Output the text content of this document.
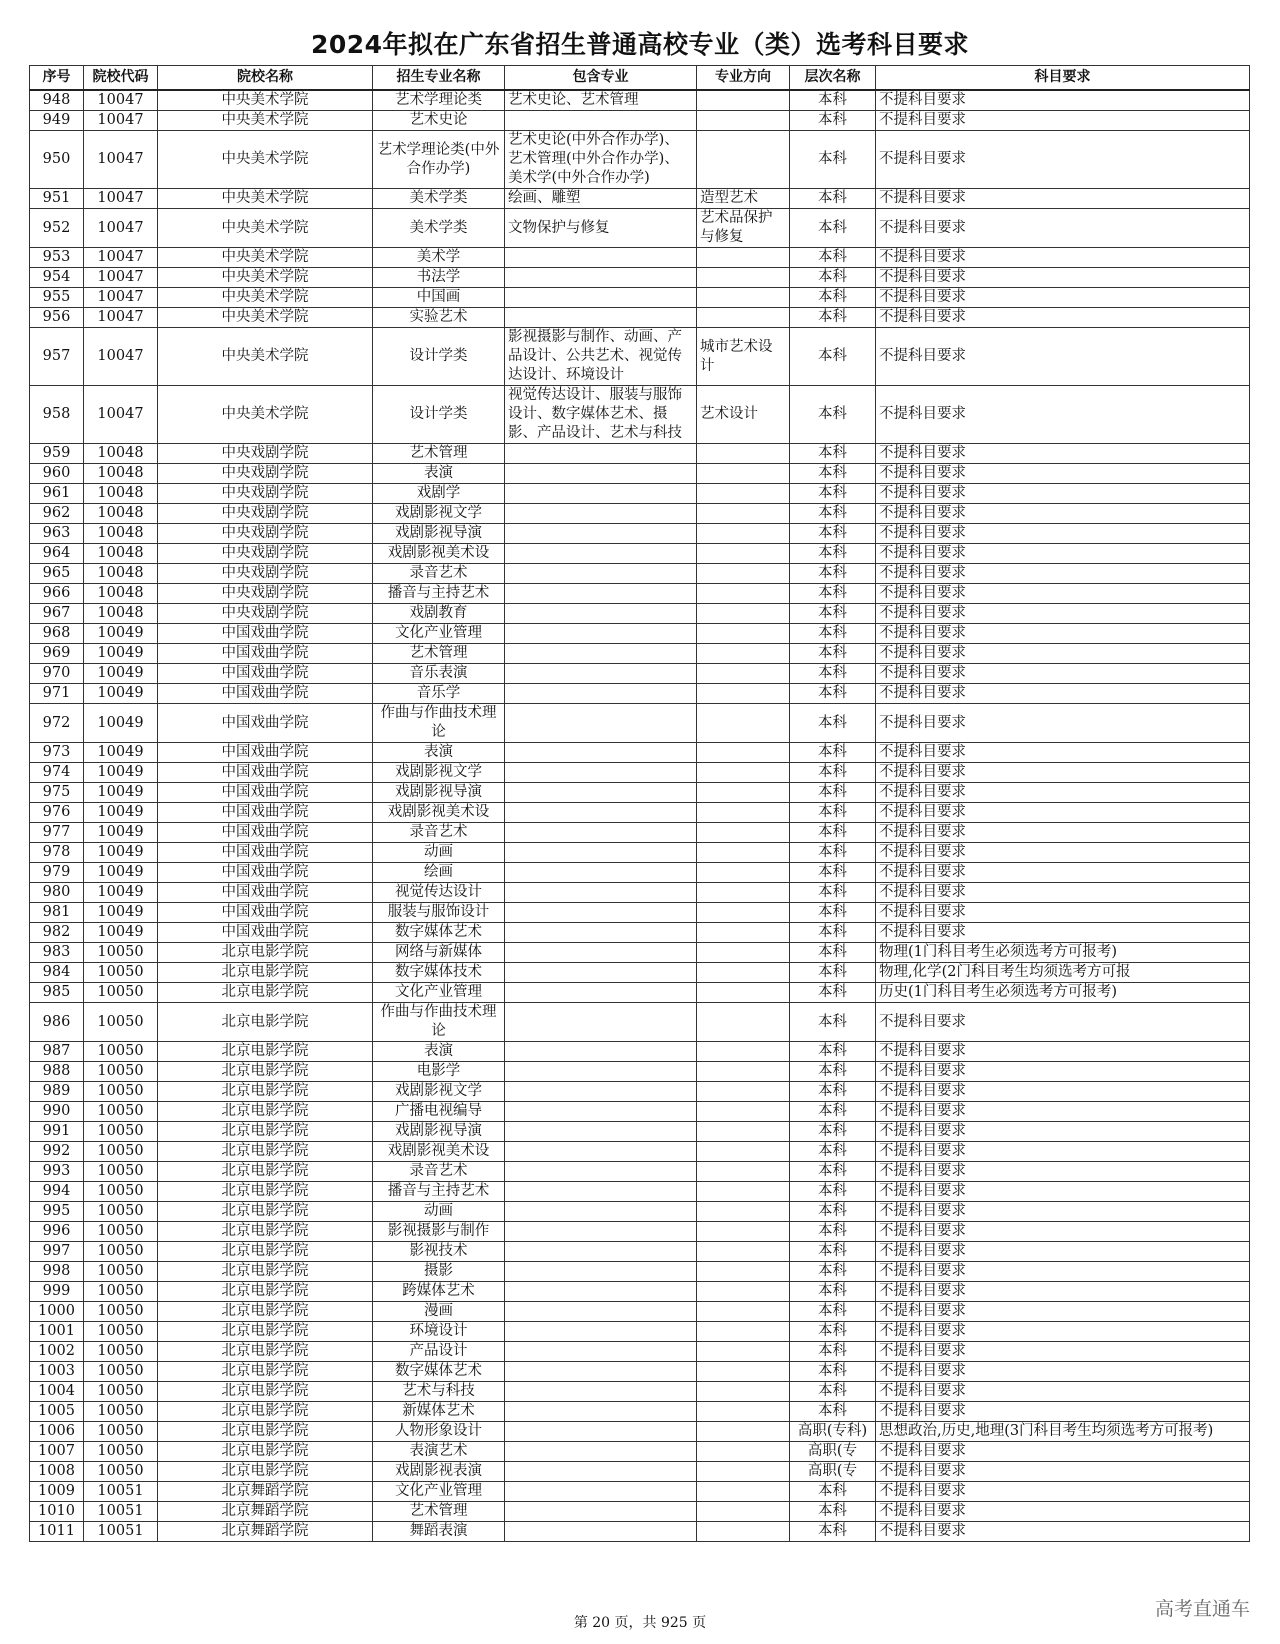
2024年拟在广东省招生普通高校专业（类）选考科目要求
序号	院校代码	院校名称	招生专业名称	包含专业	专业方向	层次名称	科目要求
948	10047	中央美术学院	艺术学理论类	艺术史论、艺术管理		本科	不提科目要求
949	10047	中央美术学院	艺术史论			本科	不提科目要求
950	10047	中央美术学院	艺术学理论类(中外合作办学)	艺术史论(中外合作办学)、艺术管理(中外合作办学)、美术学(中外合作办学)		本科	不提科目要求
951	10047	中央美术学院	美术学类	绘画、雕塑	造型艺术	本科	不提科目要求
952	10047	中央美术学院	美术学类	文物保护与修复	艺术品保护与修复	本科	不提科目要求
953	10047	中央美术学院	美术学			本科	不提科目要求
954	10047	中央美术学院	书法学			本科	不提科目要求
955	10047	中央美术学院	中国画			本科	不提科目要求
956	10047	中央美术学院	实验艺术			本科	不提科目要求
957	10047	中央美术学院	设计学类	影视摄影与制作、动画、产品设计、公共艺术、视觉传达设计、环境设计	城市艺术设计	本科	不提科目要求
958	10047	中央美术学院	设计学类	视觉传达设计、服装与服饰设计、数字媒体艺术、摄影、产品设计、艺术与科技	艺术设计	本科	不提科目要求
959	10048	中央戏剧学院	艺术管理			本科	不提科目要求
960	10048	中央戏剧学院	表演			本科	不提科目要求
961	10048	中央戏剧学院	戏剧学			本科	不提科目要求
962	10048	中央戏剧学院	戏剧影视文学			本科	不提科目要求
963	10048	中央戏剧学院	戏剧影视导演			本科	不提科目要求
964	10048	中央戏剧学院	戏剧影视美术设			本科	不提科目要求
965	10048	中央戏剧学院	录音艺术			本科	不提科目要求
966	10048	中央戏剧学院	播音与主持艺术			本科	不提科目要求
967	10048	中央戏剧学院	戏剧教育			本科	不提科目要求
968	10049	中国戏曲学院	文化产业管理			本科	不提科目要求
969	10049	中国戏曲学院	艺术管理			本科	不提科目要求
970	10049	中国戏曲学院	音乐表演			本科	不提科目要求
971	10049	中国戏曲学院	音乐学			本科	不提科目要求
972	10049	中国戏曲学院	作曲与作曲技术理论			本科	不提科目要求
973	10049	中国戏曲学院	表演			本科	不提科目要求
974	10049	中国戏曲学院	戏剧影视文学			本科	不提科目要求
975	10049	中国戏曲学院	戏剧影视导演			本科	不提科目要求
976	10049	中国戏曲学院	戏剧影视美术设			本科	不提科目要求
977	10049	中国戏曲学院	录音艺术			本科	不提科目要求
978	10049	中国戏曲学院	动画			本科	不提科目要求
979	10049	中国戏曲学院	绘画			本科	不提科目要求
980	10049	中国戏曲学院	视觉传达设计			本科	不提科目要求
981	10049	中国戏曲学院	服装与服饰设计			本科	不提科目要求
982	10049	中国戏曲学院	数字媒体艺术			本科	不提科目要求
983	10050	北京电影学院	网络与新媒体			本科	物理(1门科目考生必须选考方可报考)
984	10050	北京电影学院	数字媒体技术			本科	物理,化学(2门科目考生均须选考方可报
985	10050	北京电影学院	文化产业管理			本科	历史(1门科目考生必须选考方可报考)
986	10050	北京电影学院	作曲与作曲技术理论			本科	不提科目要求
987	10050	北京电影学院	表演			本科	不提科目要求
988	10050	北京电影学院	电影学			本科	不提科目要求
989	10050	北京电影学院	戏剧影视文学			本科	不提科目要求
990	10050	北京电影学院	广播电视编导			本科	不提科目要求
991	10050	北京电影学院	戏剧影视导演			本科	不提科目要求
992	10050	北京电影学院	戏剧影视美术设			本科	不提科目要求
993	10050	北京电影学院	录音艺术			本科	不提科目要求
994	10050	北京电影学院	播音与主持艺术			本科	不提科目要求
995	10050	北京电影学院	动画			本科	不提科目要求
996	10050	北京电影学院	影视摄影与制作			本科	不提科目要求
997	10050	北京电影学院	影视技术			本科	不提科目要求
998	10050	北京电影学院	摄影			本科	不提科目要求
999	10050	北京电影学院	跨媒体艺术			本科	不提科目要求
1000	10050	北京电影学院	漫画			本科	不提科目要求
1001	10050	北京电影学院	环境设计			本科	不提科目要求
1002	10050	北京电影学院	产品设计			本科	不提科目要求
1003	10050	北京电影学院	数字媒体艺术			本科	不提科目要求
1004	10050	北京电影学院	艺术与科技			本科	不提科目要求
1005	10050	北京电影学院	新媒体艺术			本科	不提科目要求
1006	10050	北京电影学院	人物形象设计			高职(专科)	思想政治,历史,地理(3门科目考生均须选考方可报考)
1007	10050	北京电影学院	表演艺术			高职(专	不提科目要求
1008	10050	北京电影学院	戏剧影视表演			高职(专	不提科目要求
1009	10051	北京舞蹈学院	文化产业管理			本科	不提科目要求
1010	10051	北京舞蹈学院	艺术管理			本科	不提科目要求
1011	10051	北京舞蹈学院	舞蹈表演			本科	不提科目要求
第 20 页，共 925 页
高考直通车
